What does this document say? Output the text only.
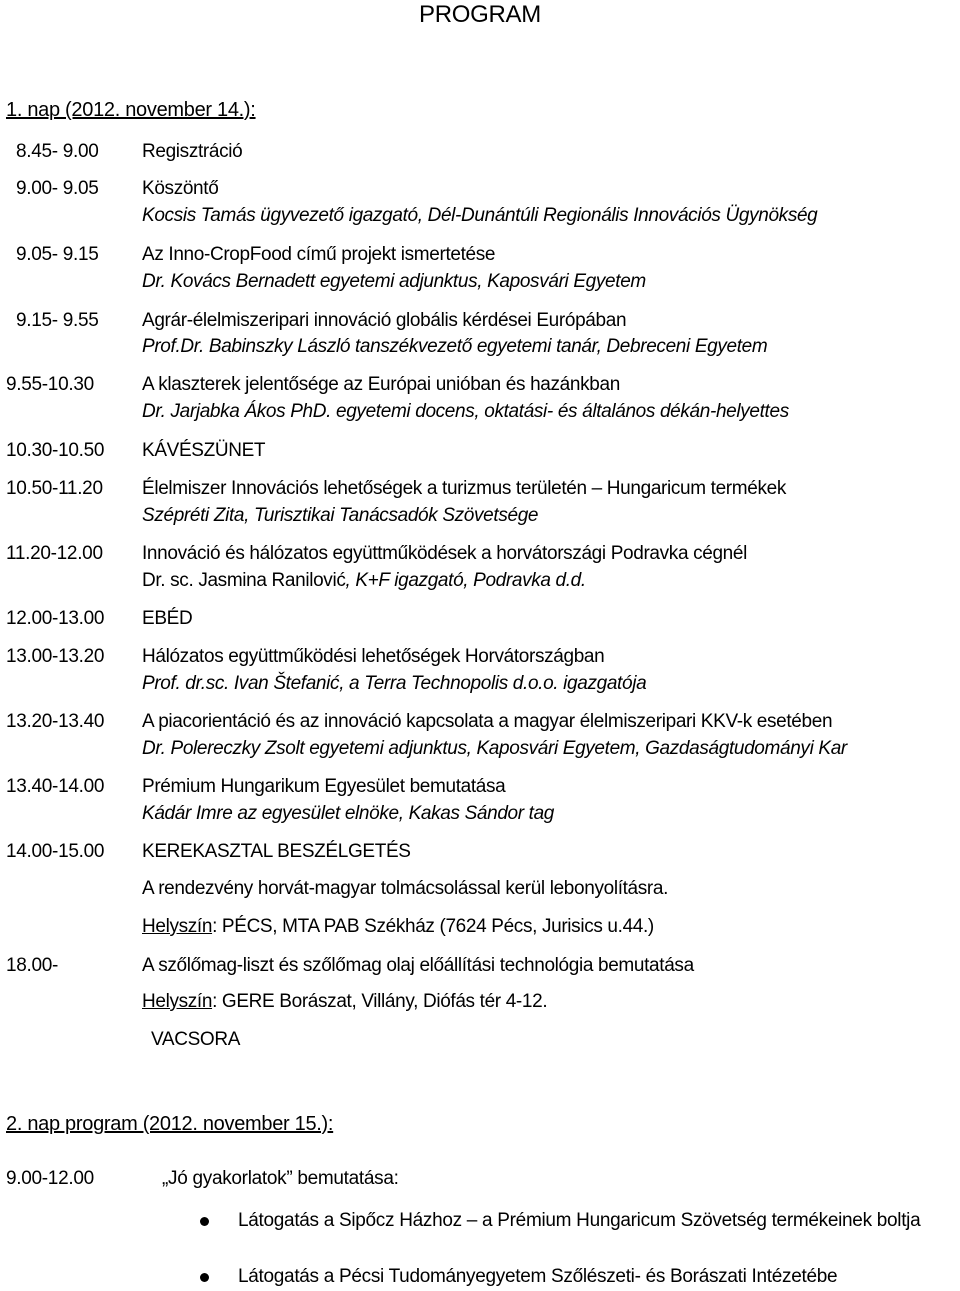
PROGRAM
1. nap (2012. november 14.):
8.45- 9.00 Regisztráció
9.00- 9.05 Köszöntő
Kocsis Tamás ügyvezető igazgató, Dél-Dunántúli Regionális Innovációs Ügynökség
9.05- 9.15 Az Inno-CropFood című projekt ismertetése
Dr. Kovács Bernadett egyetemi adjunktus, Kaposvári Egyetem
9.15- 9.55 Agrár-élelmiszeripari innováció globális kérdései Európában
Prof.Dr. Babinszky László tanszékvezető egyetemi tanár, Debreceni Egyetem
9.55-10.30	A klaszterek jelentősége az Európai unióban és hazánkban
Dr. Jarjabka Ákos PhD. egyetemi docens, oktatási- és általános dékán-helyettes
10.30-10.50 KÁVÉSZÜNET
10.50-11.20 Élelmiszer Innovációs lehetőségek a turizmus területén – Hungaricum termékek
Szépréti Zita, Turisztikai Tanácsadók Szövetsége
11.20-12.00 Innováció és hálózatos együttműködések a horvátországi Podravka cégnél
Dr. sc. Jasmina Ranilović, K+F igazgató, Podravka d.d.
12.00-13.00 EBÉD
13.00-13.20 Hálózatos együttműködési lehetőségek Horvátországban
Prof. dr.sc. Ivan Štefanić, a Terra Technopolis d.o.o. igazgatója
13.20-13.40 A piacorientáció és az innováció kapcsolata a magyar élelmiszeripari KKV-k esetében
Dr. Polereczky Zsolt egyetemi adjunktus, Kaposvári Egyetem, Gazdaságtudományi Kar
13.40-14.00 Prémium Hungarikum Egyesület bemutatása
Kádár Imre az egyesület elnöke, Kakas Sándor tag
14.00-15.00 KEREKASZTAL BESZÉLGETÉS
A rendezvény horvát-magyar tolmácsolással kerül lebonyolításra.
Helyszín: PÉCS, MTA PAB Székház (7624 Pécs, Jurisics u.44.)
18.00-	A szőlőmag-liszt és szőlőmag olaj előállítási technológia bemutatása
Helyszín: GERE Borászat, Villány, Diófás tér 4-12.
VACSORA
2. nap program (2012. november 15.):
9.00-12.00	„Jó gyakorlatok” bemutatása:
Látogatás a Sipőcz Házhoz – a Prémium Hungaricum Szövetség termékeinek boltja
Látogatás a Pécsi Tudományegyetem Szőlészeti- és Borászati Intézetébe
